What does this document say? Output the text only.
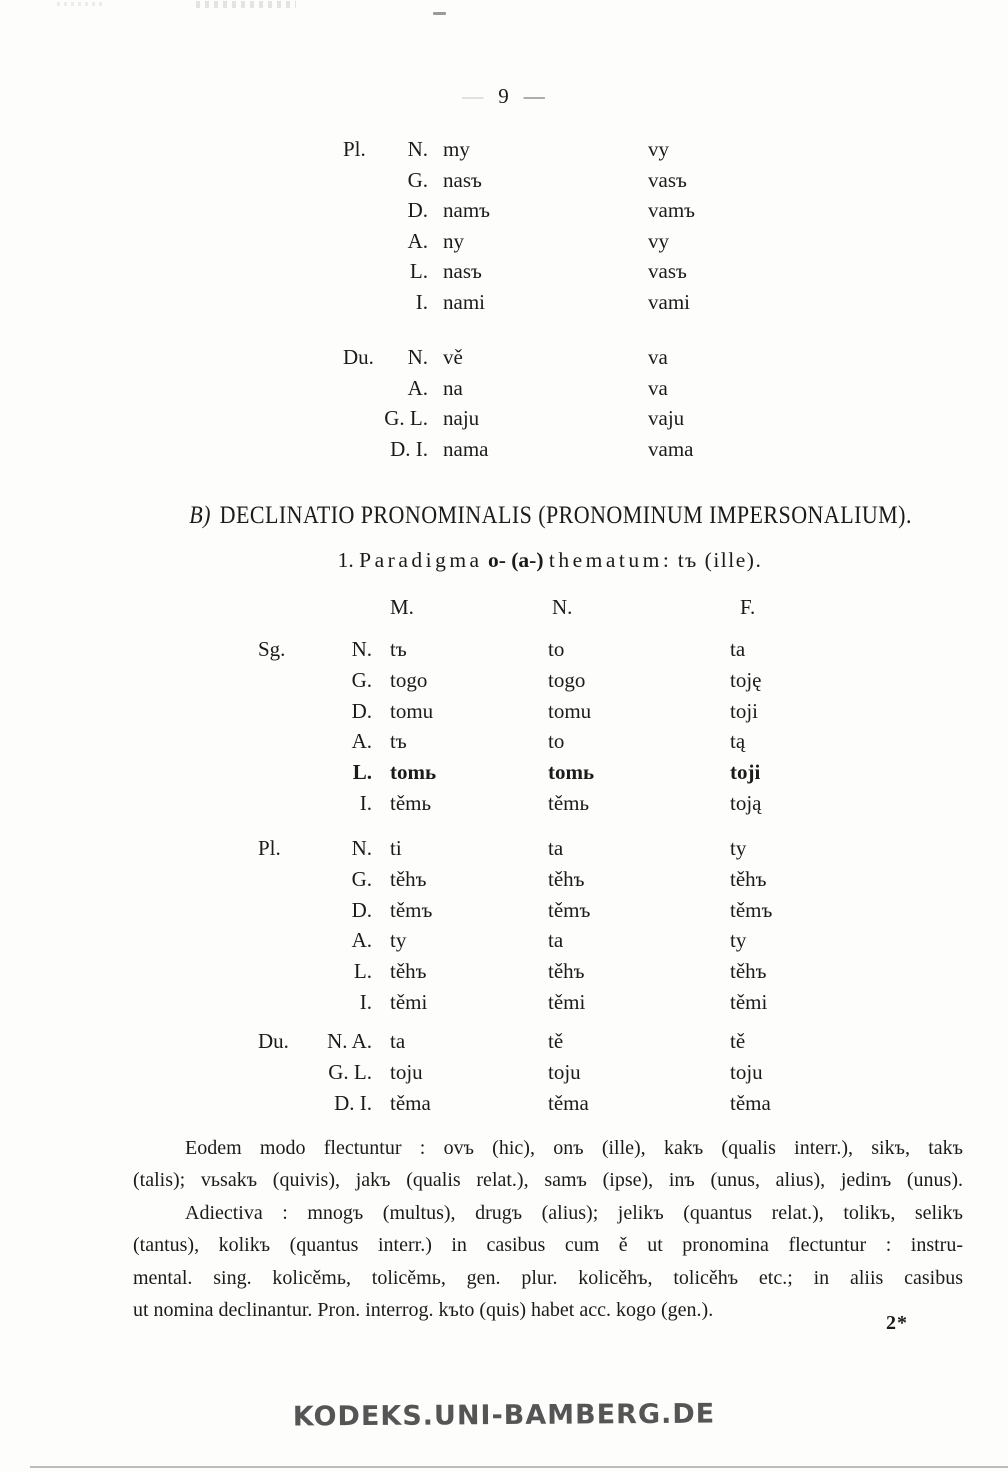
— 9 —
Pl. N. my	vy
G. nasъ	vasъ
D. namъ	vamъ
A. ny	vy
L. nasъ	vasъ
I. nami	vami
Du. N. vě	va
A. na	va
G. L. naju	vaju
D. I. nama	vama
B) DECLINATIO PRONOMINALIS (PRONOMINUM IMPERSONALIUM).
1. Paradigma o- (a-) thematum: tъ (ille).
M.	N.	F.
Sg.	N. tъ	to	ta
G. togo	togo	toję
D. tomu	tomu	toji
A. tъ	to	tą
L. tomь	tomь	toji
I. těmь	těmь	toją
Pl.	N. ti	ta	ty
G. těhъ	těhъ	těhъ
D. těmъ	těmъ	těmъ
A. ty	ta	ty
L. těhъ	těhъ	těhъ
I. těmi	těmi	těmi
Du. N. A. ta	tě	tě
G. L. toju	toju	toju
D. I. těma	těma	těma
Eodem modo flectuntur : ovъ (hic), onъ (ille), kakъ (qualis interr.), sikъ, takъ
(talis); vьsakъ (quivis), jakъ (qualis relat.), samъ (ipse), inъ (unus, alius), jedinъ (unus).
Adiectiva : mnogъ (multus), drugъ (alius); jelikъ (quantus relat.), tolikъ, selikъ
(tantus), kolikъ (quantus interr.) in casibus cum ě ut pronomina flectuntur : instru-
mental. sing. kolicěmь, tolicěmь, gen. plur. kolicěhъ, tolicěhъ etc.; in aliis casibus
ut nomina declinantur. Pron. interrog. kъto (quis) habet acc. kogo (gen.).
2*
KODEKS.UNI-BAMBERG.DE
